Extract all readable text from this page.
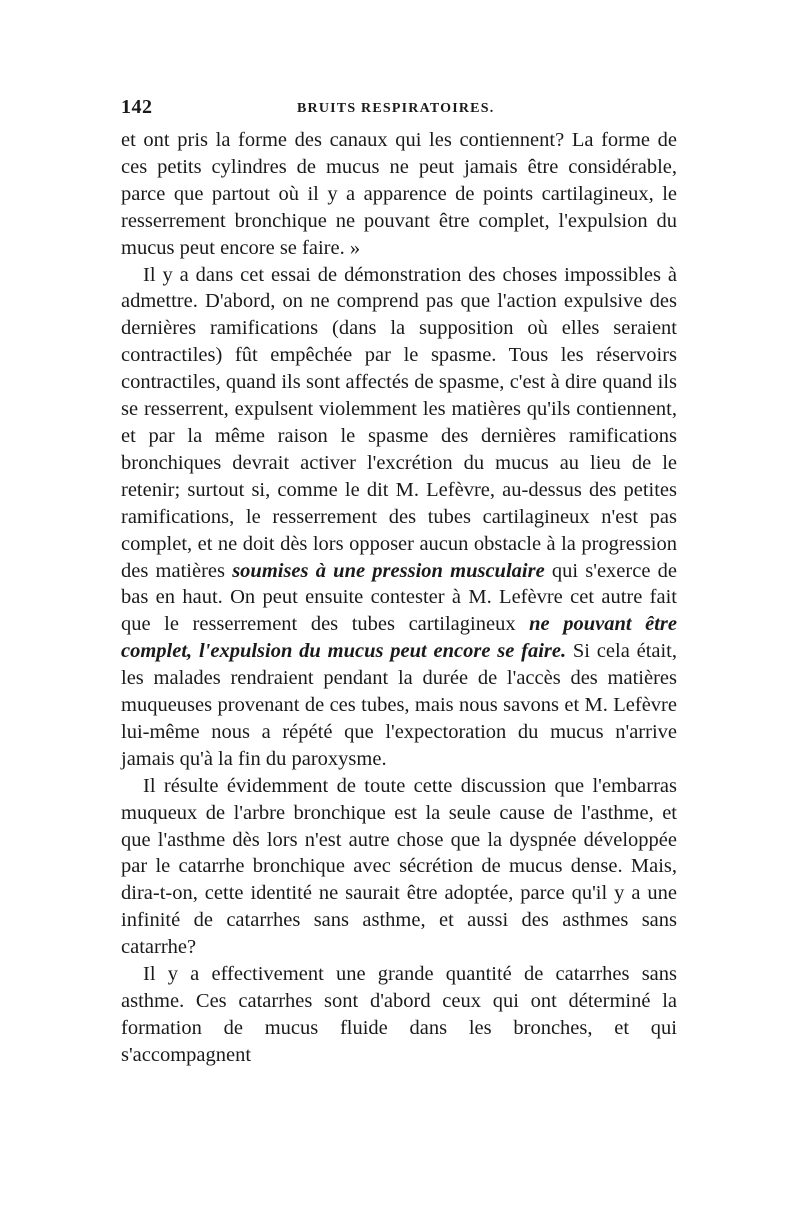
142	BRUITS RESPIRATOIRES.

et ont pris la forme des canaux qui les contiennent? La forme de ces petits cylindres de mucus ne peut jamais être considérable, parce que partout où il y a apparence de points cartilagineux, le resserrement bronchique ne pouvant être complet, l'expulsion du mucus peut encore se faire. »

Il y a dans cet essai de démonstration des choses impossibles à admettre. D'abord, on ne comprend pas que l'action expulsive des dernières ramifications (dans la supposition où elles seraient contractiles) fût empêchée par le spasme. Tous les réservoirs contractiles, quand ils sont affectés de spasme, c'est à dire quand ils se resserrent, expulsent violemment les matières qu'ils contiennent, et par la même raison le spasme des dernières ramifications bronchiques devrait activer l'excrétion du mucus au lieu de le retenir; surtout si, comme le dit M. Lefèvre, au-dessus des petites ramifications, le resserrement des tubes cartilagineux n'est pas complet, et ne doit dès lors opposer aucun obstacle à la progression des matières soumises à une pression musculaire qui s'exerce de bas en haut. On peut ensuite contester à M. Lefèvre cet autre fait que le resserrement des tubes cartilagineux ne pouvant être complet, l'expulsion du mucus peut encore se faire. Si cela était, les malades rendraient pendant la durée de l'accès des matières muqueuses provenant de ces tubes, mais nous savons et M. Lefèvre lui-même nous a répété que l'expectoration du mucus n'arrive jamais qu'à la fin du paroxysme.

Il résulte évidemment de toute cette discussion que l'embarras muqueux de l'arbre bronchique est la seule cause de l'asthme, et que l'asthme dès lors n'est autre chose que la dyspnée développée par le catarrhe bronchique avec sécrétion de mucus dense. Mais, dira-t-on, cette identité ne saurait être adoptée, parce qu'il y a une infinité de catarrhes sans asthme, et aussi des asthmes sans catarrhe?

Il y a effectivement une grande quantité de catarrhes sans asthme. Ces catarrhes sont d'abord ceux qui ont déterminé la formation de mucus fluide dans les bronches, et qui s'accompagnent
